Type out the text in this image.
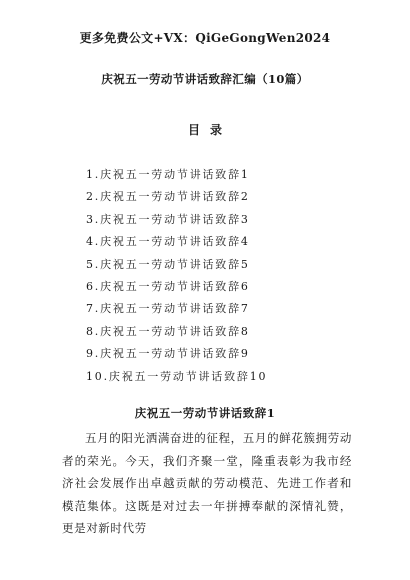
更多免费公文+VX：QiGeGongWen2024
庆祝五一劳动节讲话致辞汇编（10篇）
目录
1.庆祝五一劳动节讲话致辞1
2.庆祝五一劳动节讲话致辞2
3.庆祝五一劳动节讲话致辞3
4.庆祝五一劳动节讲话致辞4
5.庆祝五一劳动节讲话致辞5
6.庆祝五一劳动节讲话致辞6
7.庆祝五一劳动节讲话致辞7
8.庆祝五一劳动节讲话致辞8
9.庆祝五一劳动节讲话致辞9
10.庆祝五一劳动节讲话致辞10
庆祝五一劳动节讲话致辞1

五月的阳光洒满奋进的征程，五月的鲜花簇拥劳动者的荣光。今天，我们齐聚一堂，隆重表彰为我市经济社会发展作出卓越贡献的劳动模范、先进工作者和模范集体。这既是对过去一年拼搏奉献的深情礼赞，更是对新时代劳
